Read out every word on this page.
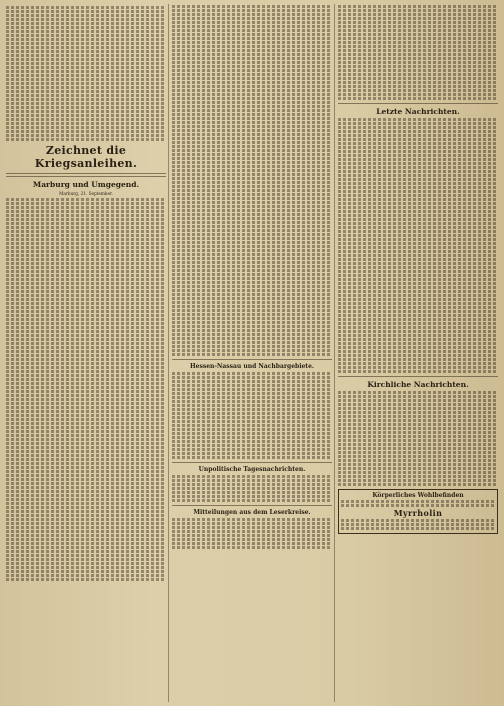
Zeichnet die Kriegsanleihen.
Marburg und Umgegend.
Marburg, 21. September.
Hessen-Nassau und Nachbargebiete.
Unpolitische Tagesnachrichten.
Mitteilungen aus dem Leserkreise.
Letzte Nachrichten.
Kirchliche Nachrichten.
Körperliches Wohlbefinden
Myrrholin
